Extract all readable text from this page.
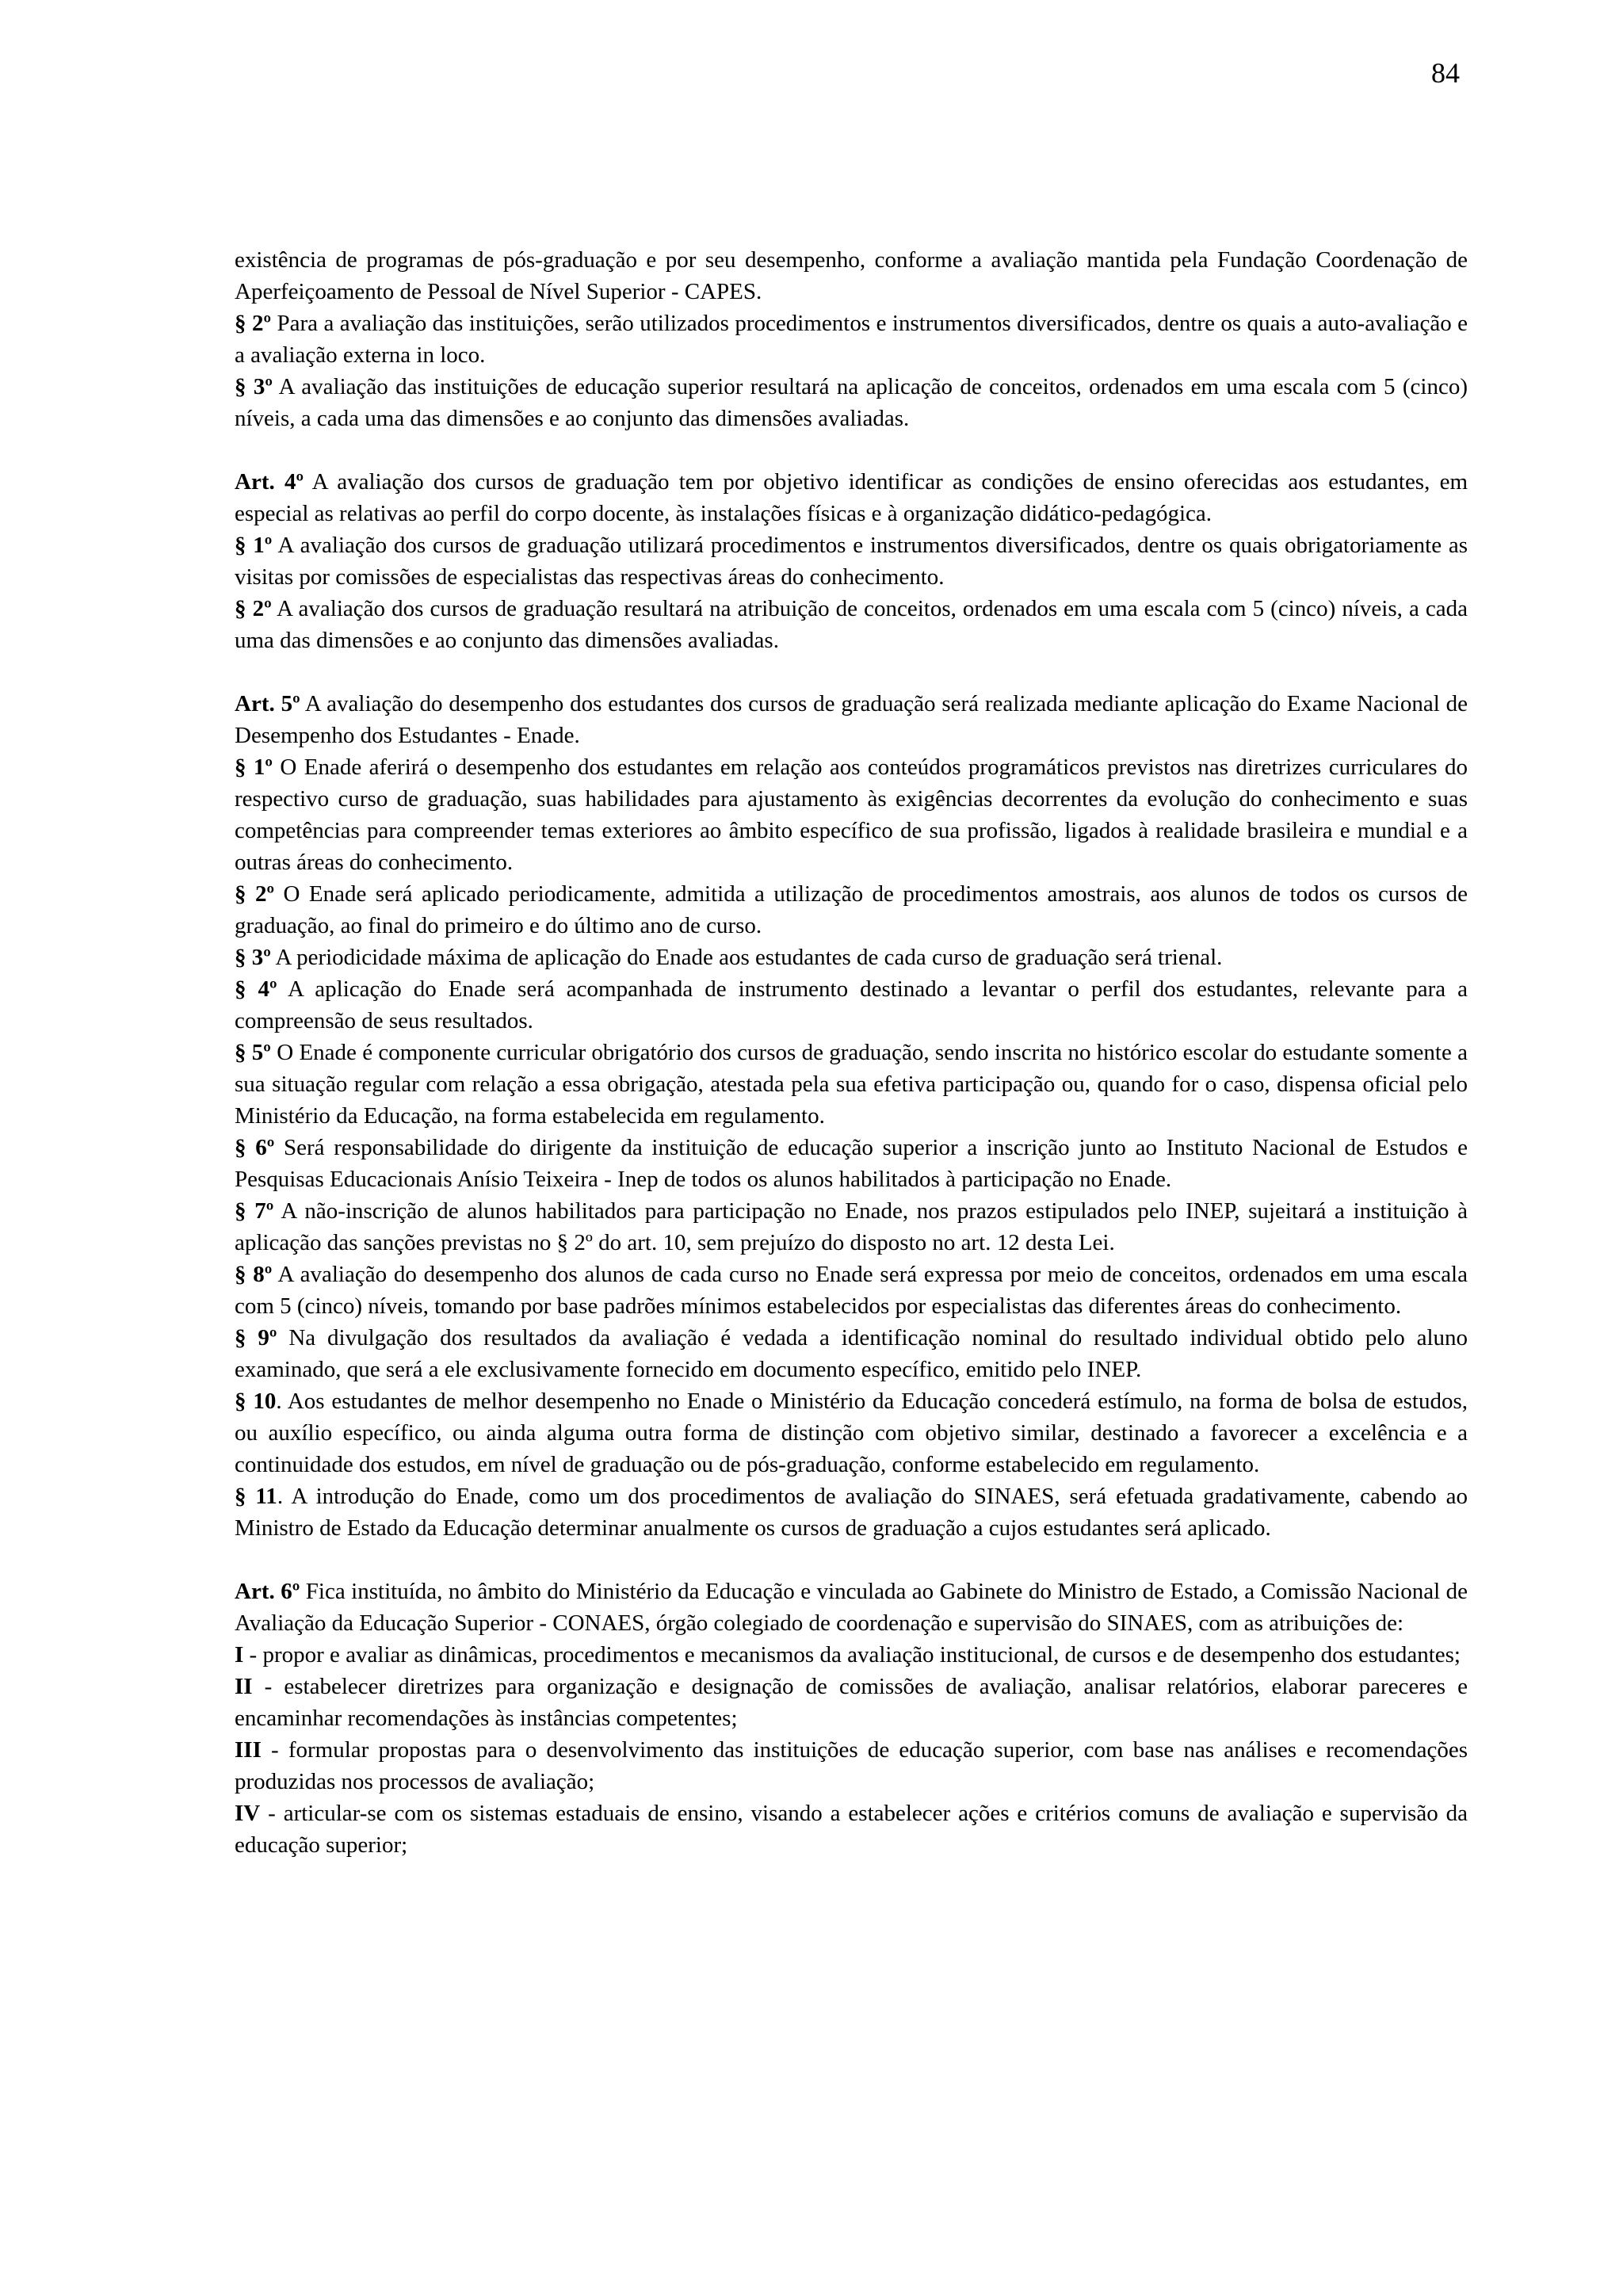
84

existência de programas de pós-graduação e por seu desempenho, conforme a avaliação mantida pela Fundação Coordenação de Aperfeiçoamento de Pessoal de Nível Superior - CAPES.

§ 2º Para a avaliação das instituições, serão utilizados procedimentos e instrumentos diversificados, dentre os quais a auto-avaliação e a avaliação externa in loco.

§ 3º A avaliação das instituições de educação superior resultará na aplicação de conceitos, ordenados em uma escala com 5 (cinco) níveis, a cada uma das dimensões e ao conjunto das dimensões avaliadas.

Art. 4º A avaliação dos cursos de graduação tem por objetivo identificar as condições de ensino oferecidas aos estudantes, em especial as relativas ao perfil do corpo docente, às instalações físicas e à organização didático-pedagógica.

§ 1º A avaliação dos cursos de graduação utilizará procedimentos e instrumentos diversificados, dentre os quais obrigatoriamente as visitas por comissões de especialistas das respectivas áreas do conhecimento.

§ 2º A avaliação dos cursos de graduação resultará na atribuição de conceitos, ordenados em uma escala com 5 (cinco) níveis, a cada uma das dimensões e ao conjunto das dimensões avaliadas.

Art. 5º A avaliação do desempenho dos estudantes dos cursos de graduação será realizada mediante aplicação do Exame Nacional de Desempenho dos Estudantes - Enade.

§ 1º O Enade aferirá o desempenho dos estudantes em relação aos conteúdos programáticos previstos nas diretrizes curriculares do respectivo curso de graduação, suas habilidades para ajustamento às exigências decorrentes da evolução do conhecimento e suas competências para compreender temas exteriores ao âmbito específico de sua profissão, ligados à realidade brasileira e mundial e a outras áreas do conhecimento.

§ 2º O Enade será aplicado periodicamente, admitida a utilização de procedimentos amostrais, aos alunos de todos os cursos de graduação, ao final do primeiro e do último ano de curso.

§ 3º A periodicidade máxima de aplicação do Enade aos estudantes de cada curso de graduação será trienal.

§ 4º A aplicação do Enade será acompanhada de instrumento destinado a levantar o perfil dos estudantes, relevante para a compreensão de seus resultados.

§ 5º O Enade é componente curricular obrigatório dos cursos de graduação, sendo inscrita no histórico escolar do estudante somente a sua situação regular com relação a essa obrigação, atestada pela sua efetiva participação ou, quando for o caso, dispensa oficial pelo Ministério da Educação, na forma estabelecida em regulamento.

§ 6º Será responsabilidade do dirigente da instituição de educação superior a inscrição junto ao Instituto Nacional de Estudos e Pesquisas Educacionais Anísio Teixeira - Inep de todos os alunos habilitados à participação no Enade.

§ 7º A não-inscrição de alunos habilitados para participação no Enade, nos prazos estipulados pelo INEP, sujeitará a instituição à aplicação das sanções previstas no § 2º do art. 10, sem prejuízo do disposto no art. 12 desta Lei.

§ 8º A avaliação do desempenho dos alunos de cada curso no Enade será expressa por meio de conceitos, ordenados em uma escala com 5 (cinco) níveis, tomando por base padrões mínimos estabelecidos por especialistas das diferentes áreas do conhecimento.

§ 9º Na divulgação dos resultados da avaliação é vedada a identificação nominal do resultado individual obtido pelo aluno examinado, que será a ele exclusivamente fornecido em documento específico, emitido pelo INEP.

§ 10. Aos estudantes de melhor desempenho no Enade o Ministério da Educação concederá estímulo, na forma de bolsa de estudos, ou auxílio específico, ou ainda alguma outra forma de distinção com objetivo similar, destinado a favorecer a excelência e a continuidade dos estudos, em nível de graduação ou de pós-graduação, conforme estabelecido em regulamento.

§ 11. A introdução do Enade, como um dos procedimentos de avaliação do SINAES, será efetuada gradativamente, cabendo ao Ministro de Estado da Educação determinar anualmente os cursos de graduação a cujos estudantes será aplicado.

Art. 6º Fica instituída, no âmbito do Ministério da Educação e vinculada ao Gabinete do Ministro de Estado, a Comissão Nacional de Avaliação da Educação Superior - CONAES, órgão colegiado de coordenação e supervisão do SINAES, com as atribuições de:

I - propor e avaliar as dinâmicas, procedimentos e mecanismos da avaliação institucional, de cursos e de desempenho dos estudantes;

II - estabelecer diretrizes para organização e designação de comissões de avaliação, analisar relatórios, elaborar pareceres e encaminhar recomendações às instâncias competentes;

III - formular propostas para o desenvolvimento das instituições de educação superior, com base nas análises e recomendações produzidas nos processos de avaliação;

IV - articular-se com os sistemas estaduais de ensino, visando a estabelecer ações e critérios comuns de avaliação e supervisão da educação superior;
